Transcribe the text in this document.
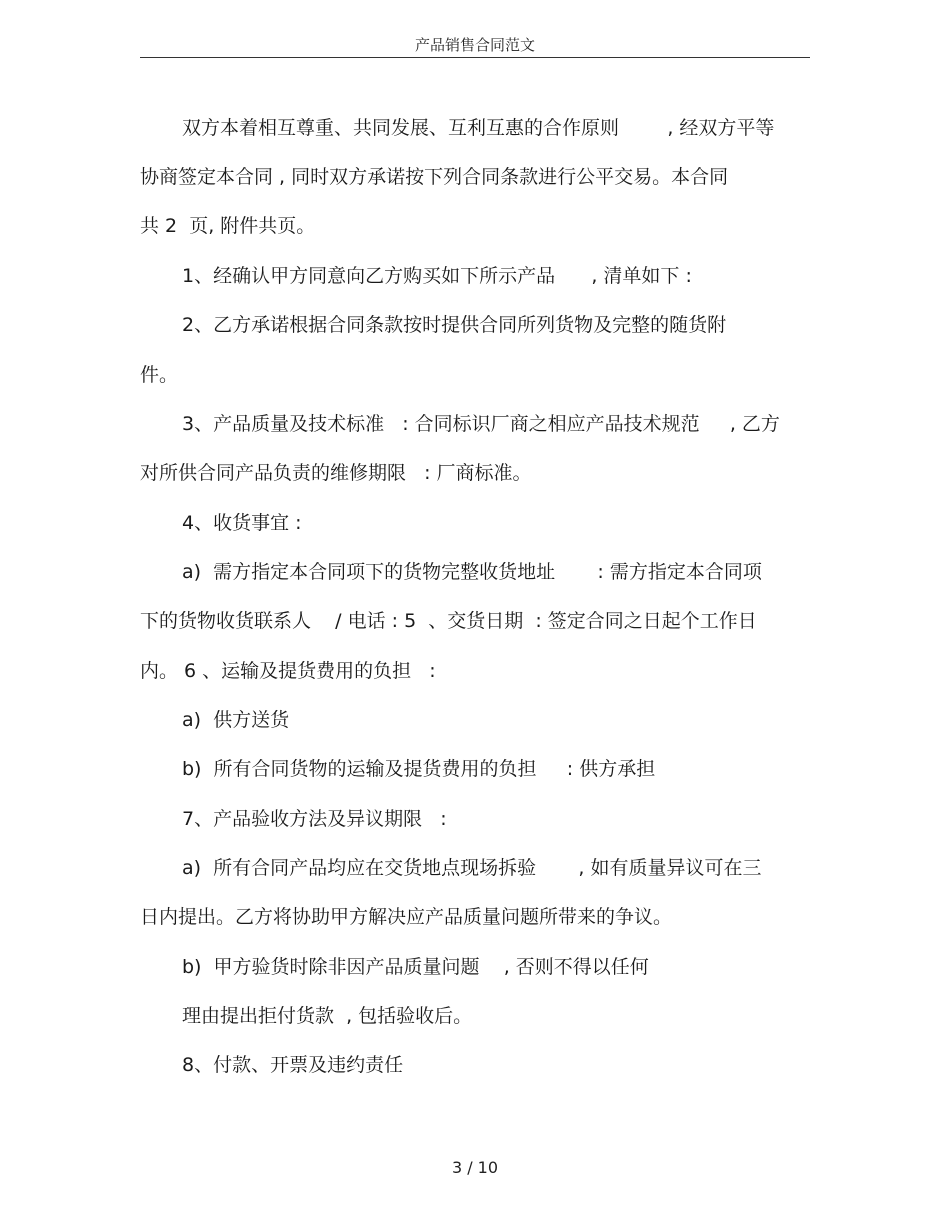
产品销售合同范文
双方本着相互尊重、共同发展、互利互惠的合作原则        , 经双方平等
协商签定本合同 , 同时双方承诺按下列合同条款进行公平交易。本合同
共 2  页, 附件共页。
1、经确认甲方同意向乙方购买如下所示产品      , 清单如下 :
2、乙方承诺根据合同条款按时提供合同所列货物及完整的随货附
件。
3、产品质量及技术标准   : 合同标识厂商之相应产品技术规范     , 乙方
对所供合同产品负责的维修期限   : 厂商标准。
4、收货事宜 :
a)  需方指定本合同项下的货物完整收货地址       : 需方指定本合同项
下的货物收货联系人    / 电话 : 5  、交货日期  : 签定合同之日起个工作日
内。 6 、运输及提货费用的负担   :
a)  供方送货
b)  所有合同货物的运输及提货费用的负担     : 供方承担
7、产品验收方法及异议期限   :
a)  所有合同产品均应在交货地点现场拆验       , 如有质量异议可在三
日内提出。乙方将协助甲方解决应产品质量问题所带来的争议。
b)  甲方验货时除非因产品质量问题    , 否则不得以任何
理由提出拒付货款  , 包括验收后。
8、付款、开票及违约责任
3 / 10
